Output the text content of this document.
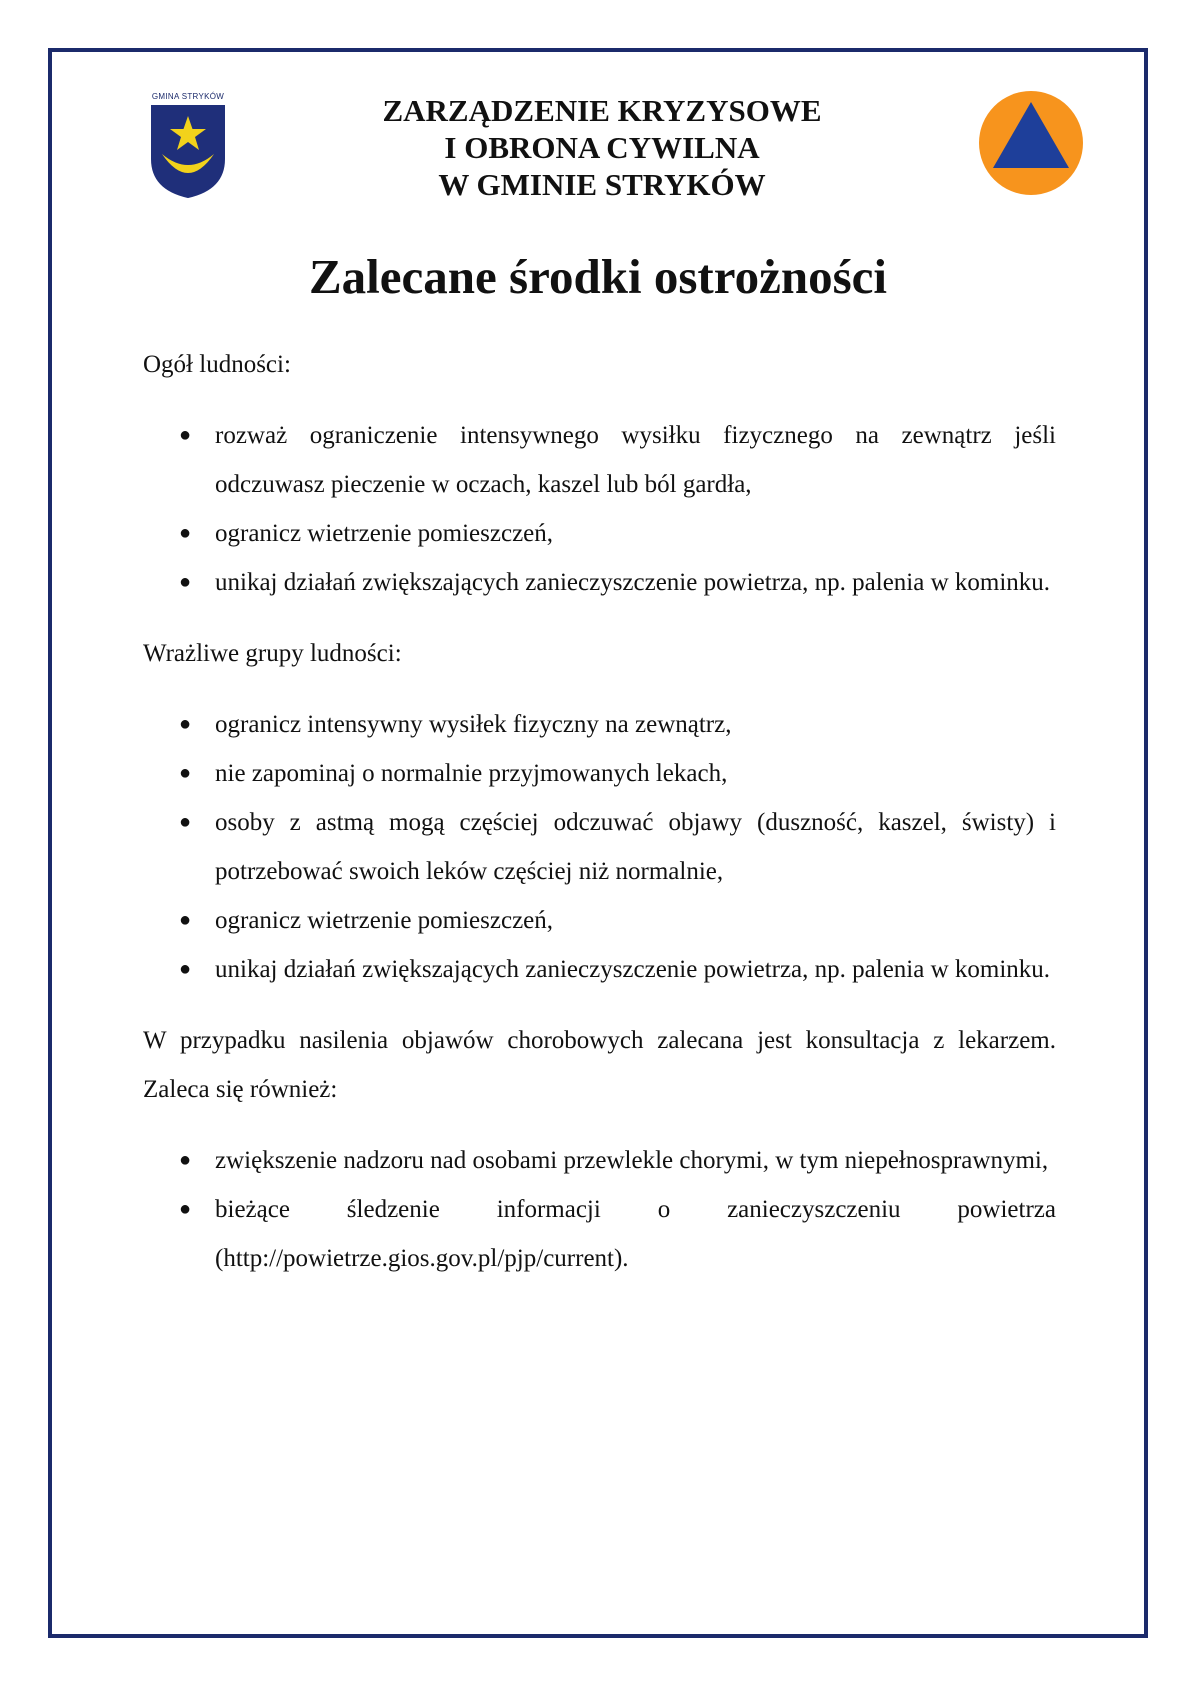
GMINA STRYKÓW	ZARZĄDZENIE KRYZYSOWE
I OBRONA CYWILNA
W GMINIE STRYKÓW
Zalecane środki ostrożności

Ogół ludności:

● rozważ ograniczenie intensywnego wysiłku fizycznego na zewnątrz jeśli odczuwasz pieczenie w oczach, kaszel lub ból gardła,
● ogranicz wietrzenie pomieszczeń,
● unikaj działań zwiększających zanieczyszczenie powietrza, np. palenia w kominku.

Wrażliwe grupy ludności:

● ogranicz intensywny wysiłek fizyczny na zewnątrz,
● nie zapominaj o normalnie przyjmowanych lekach,
● osoby z astmą mogą częściej odczuwać objawy (duszność, kaszel, świsty) i potrzebować swoich leków częściej niż normalnie,
● ogranicz wietrzenie pomieszczeń,
● unikaj działań zwiększających zanieczyszczenie powietrza, np. palenia w kominku.

W przypadku nasilenia objawów chorobowych zalecana jest konsultacja z lekarzem. Zaleca się również:

● zwiększenie nadzoru nad osobami przewlekle chorymi, w tym niepełnosprawnymi,
● bieżące śledzenie informacji o zanieczyszczeniu powietrza (http://powietrze.gios.gov.pl/pjp/current).
